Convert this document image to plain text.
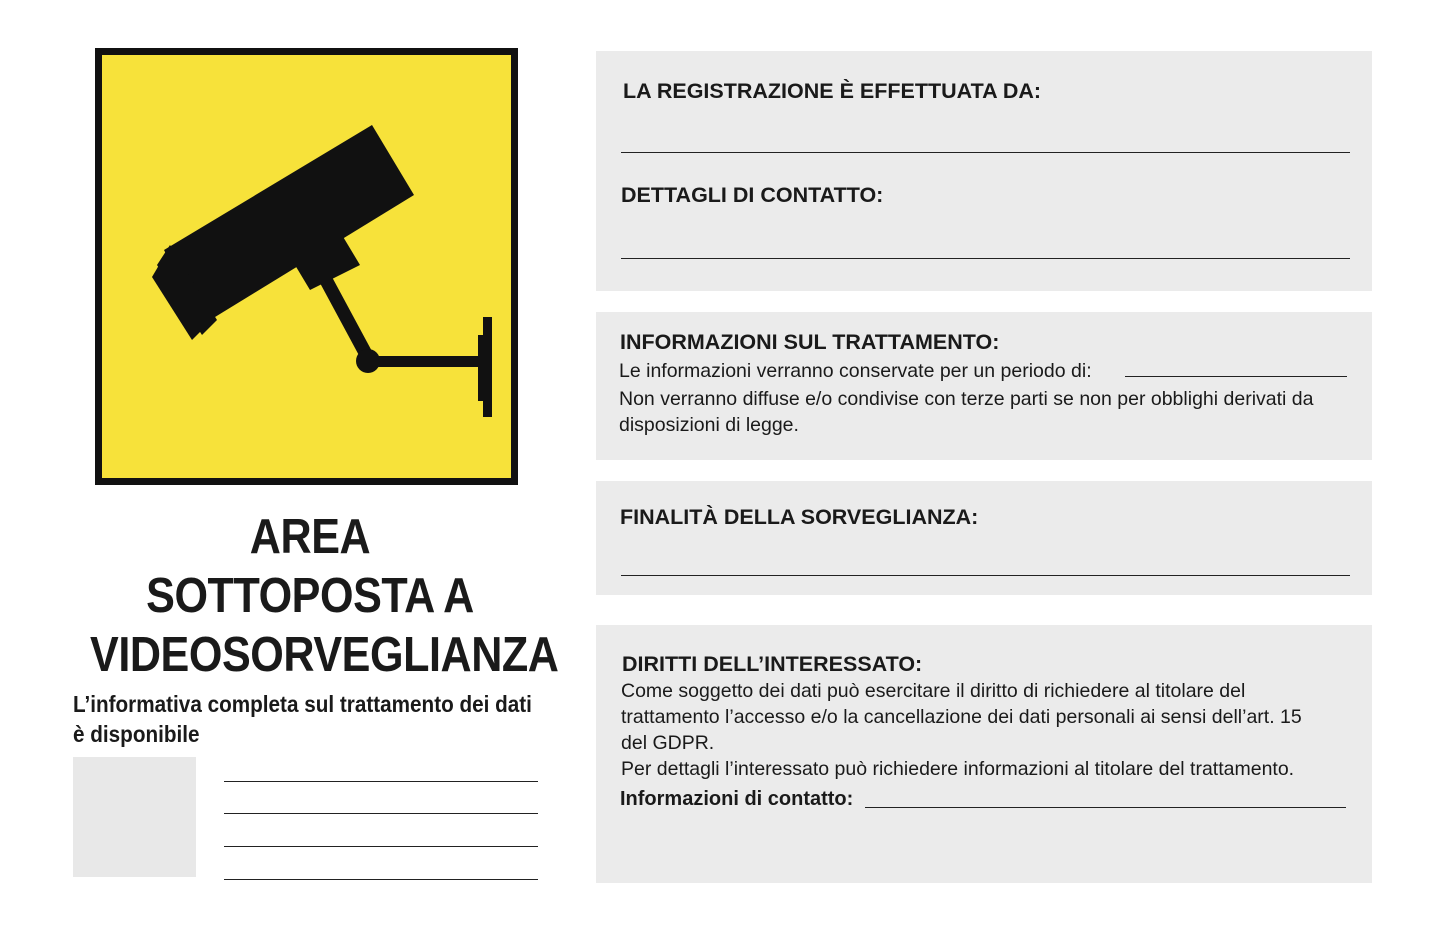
AREA
SOTTOPOSTA A
VIDEOSORVEGLIANZA
L’informativa completa sul trattamento dei dati
è disponibile
LA REGISTRAZIONE È EFFETTUATA DA:
DETTAGLI DI CONTATTO:
INFORMAZIONI SUL TRATTAMENTO:
Le informazioni verranno conservate per un periodo di:
Non verranno diffuse e/o condivise con terze parti se non per obblighi derivati da
disposizioni di legge.
FINALITÀ DELLA SORVEGLIANZA:
DIRITTI DELL’INTERESSATO:
Come soggetto dei dati può esercitare il diritto di richiedere al titolare del
trattamento l’accesso e/o la cancellazione dei dati personali ai sensi dell’art. 15
del GDPR.
Per dettagli l’interessato può richiedere informazioni al titolare del trattamento.
Informazioni di contatto:
